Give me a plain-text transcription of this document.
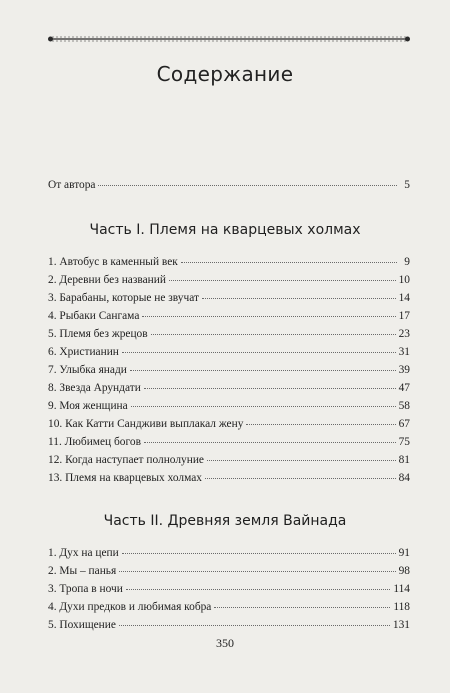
Содержание
От автора	5
Часть I. Племя на кварцевых холмах
1. Автобус в каменный век	9
2. Деревни без названий	10
3. Барабаны, которые не звучат	14
4. Рыбаки Сангама	17
5. Племя без жрецов	23
6. Христианин	31
7. Улыбка янади	39
8. Звезда Арундати	47
9. Моя женщина	58
10. Как Катти Сандживи выплакал жену	67
11. Любимец богов	75
12. Когда наступает полнолуние	81
13. Племя на кварцевых холмах	84
Часть II. Древняя земля Вайнада
1. Дух на цепи	91
2. Мы – панья	98
3. Тропа в ночи	114
4. Духи предков и любимая кобра	118
5. Похищение	131
350
